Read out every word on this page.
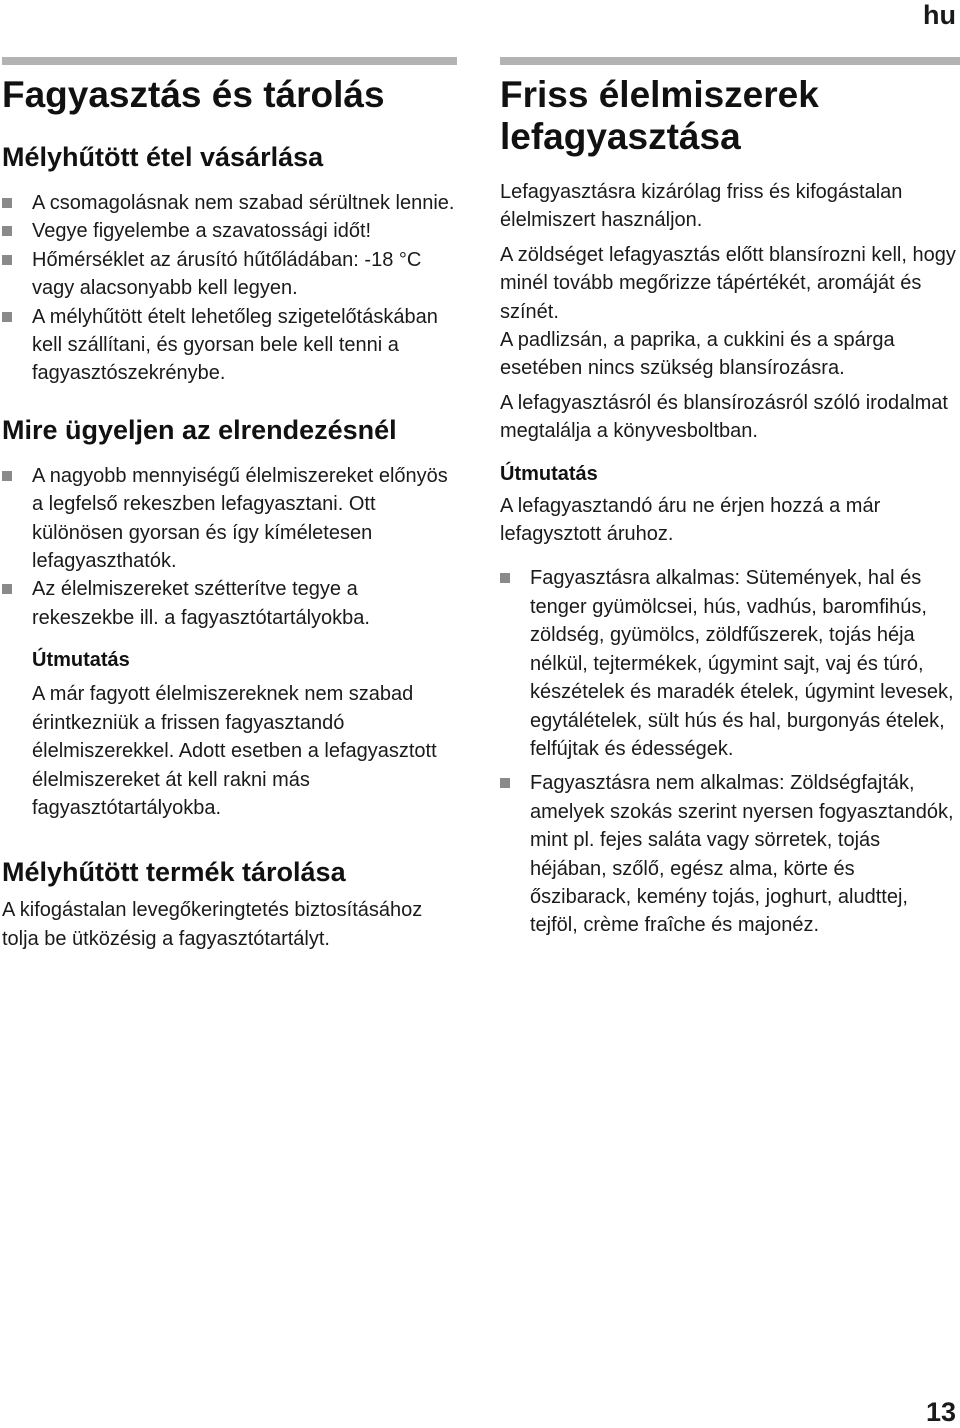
hu
Fagyasztás és tárolás
Mélyhűtött étel vásárlása
A csomagolásnak nem szabad sérültnek lennie.
Vegye figyelembe a szavatossági időt!
Hőmérséklet az árusító hűtőládában: -18 °C vagy alacsonyabb kell legyen.
A mélyhűtött ételt lehetőleg szigetelőtáskában kell szállítani, és gyorsan bele kell tenni a fagyasztószekrénybe.
Mire ügyeljen az elrendezésnél
A nagyobb mennyiségű élelmiszereket előnyös a legfelső rekeszben lefagyasztani. Ott különösen gyorsan és így kíméletesen lefagyaszthatók.
Az élelmiszereket szétterítve tegye a rekeszekbe ill. a fagyasztótartályokba.
Útmutatás

A már fagyott élelmiszereknek nem szabad érintkezniük a frissen fagyasztandó élelmiszerekkel. Adott esetben a lefagyasztott élelmiszereket át kell rakni más fagyasztótartályokba.

Mélyhűtött termék tárolása

A kifogástalan levegőkeringtetés biztosításához tolja be ütközésig a fagyasztótartályt.

Friss élelmiszerek lefagyasztása

Lefagyasztásra kizárólag friss és kifogástalan élelmiszert használjon.

A zöldséget lefagyasztás előtt blansírozni kell, hogy minél tovább megőrizze tápértékét, aromáját és színét.

A padlizsán, a paprika, a cukkini és a spárga esetében nincs szükség blansírozásra.

A lefagyasztásról és blansírozásról szóló irodalmat megtalálja a könyvesboltban.

Útmutatás

A lefagyasztandó áru ne érjen hozzá a már lefagysztott áruhoz.

Fagyasztásra alkalmas: Sütemények, hal és tenger gyümölcsei, hús, vadhús, baromfihús, zöldség, gyümölcs, zöldfűszerek, tojás héja nélkül, tejtermékek, úgymint sajt, vaj és túró, készételek és maradék ételek, úgymint levesek, egytálételek, sült hús és hal, burgonyás ételek, felfújtak és édességek.
Fagyasztásra nem alkalmas: Zöldségfajták, amelyek szokás szerint nyersen fogyasztandók, mint pl. fejes saláta vagy sörretek, tojás héjában, szőlő, egész alma, körte és őszibarack, kemény tojás, joghurt, aludttej, tejföl, crème fraîche és majonéz.
13
